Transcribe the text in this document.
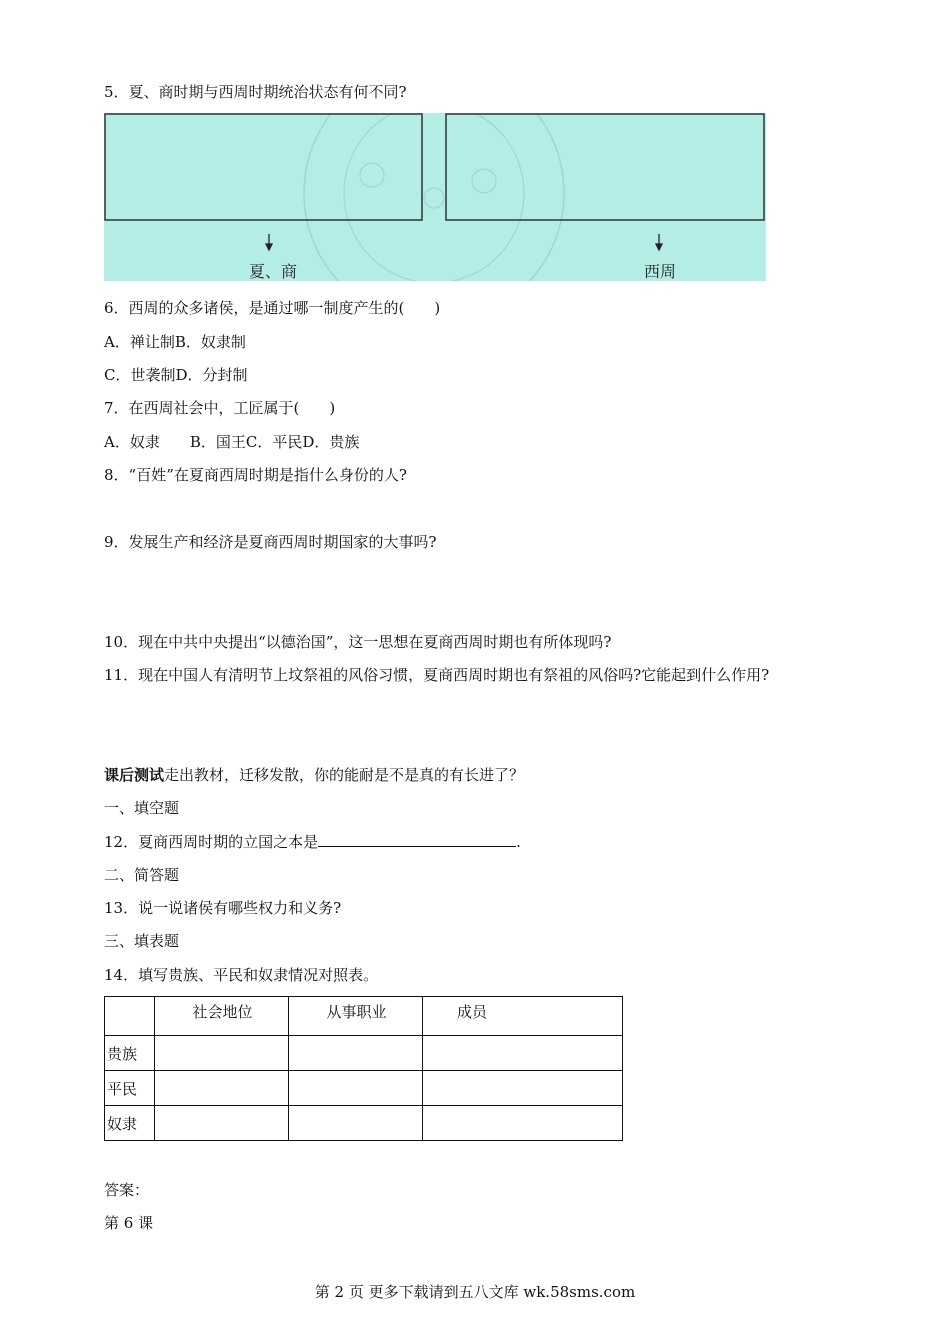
5．夏、商时期与西周时期统治状态有何不同?
夏、商	西周
6．西周的众多诸侯，是通过哪一制度产生的(　　)
A．禅让制B．奴隶制
C．世袭制D．分封制
7．在西周社会中，工匠属于(　　)
A．奴隶　　B．国王C．平民D．贵族
8．“百姓”在夏商西周时期是指什么身份的人?
9．发展生产和经济是夏商西周时期国家的大事吗?
10．现在中共中央提出“以德治国”，这一思想在夏商西周时期也有所体现吗?
11．现在中国人有清明节上坟祭祖的风俗习惯，夏商西周时期也有祭祖的风俗吗?它能起到什么作用?
课后测试走出教材，迁移发散，你的能耐是不是真的有长进了？
一、填空题
12．夏商西周时期的立国之本是	.
二、简答题
13．说一说诸侯有哪些权力和义务?
三、填表题
14．填写贵族、平民和奴隶情况对照表。
	社会地位	从事职业	成员
贵族			
平民			
奴隶			
答案：
第 6 课
第 2 页 更多下载请到五八文库 wk.58sms.com
